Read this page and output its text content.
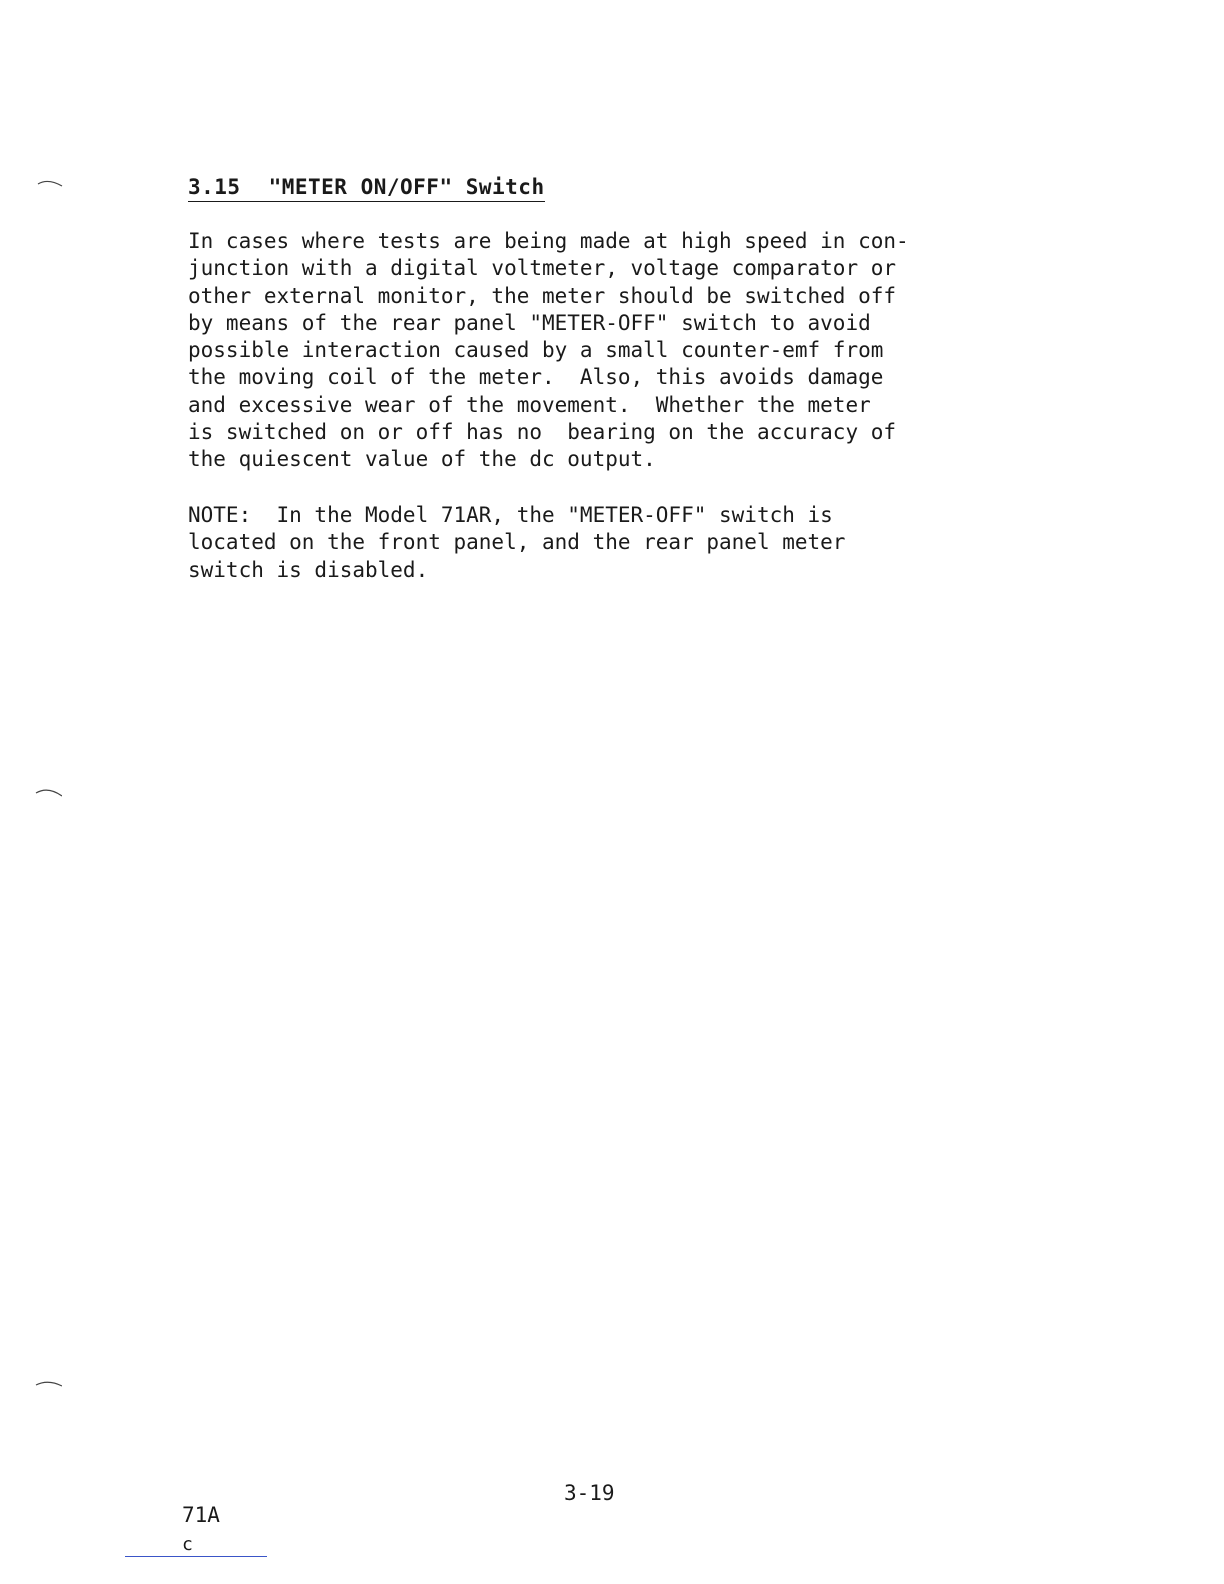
3.15 "METER ON/OFF" Switch

In cases where tests are being made at high speed in con-
junction with a digital voltmeter, voltage comparator or
other external monitor, the meter should be switched off
by means of the rear panel "METER-OFF" switch to avoid
possible interaction caused by a small counter-emf from
the moving coil of the meter.  Also, this avoids damage
and excessive wear of the movement.  Whether the meter
is switched on or off has no  bearing on the accuracy of
the quiescent value of the dc output.

NOTE:  In the Model 71AR, the "METER-OFF" switch is
located on the front panel, and the rear panel meter
switch is disabled.

3-19
71A
c
